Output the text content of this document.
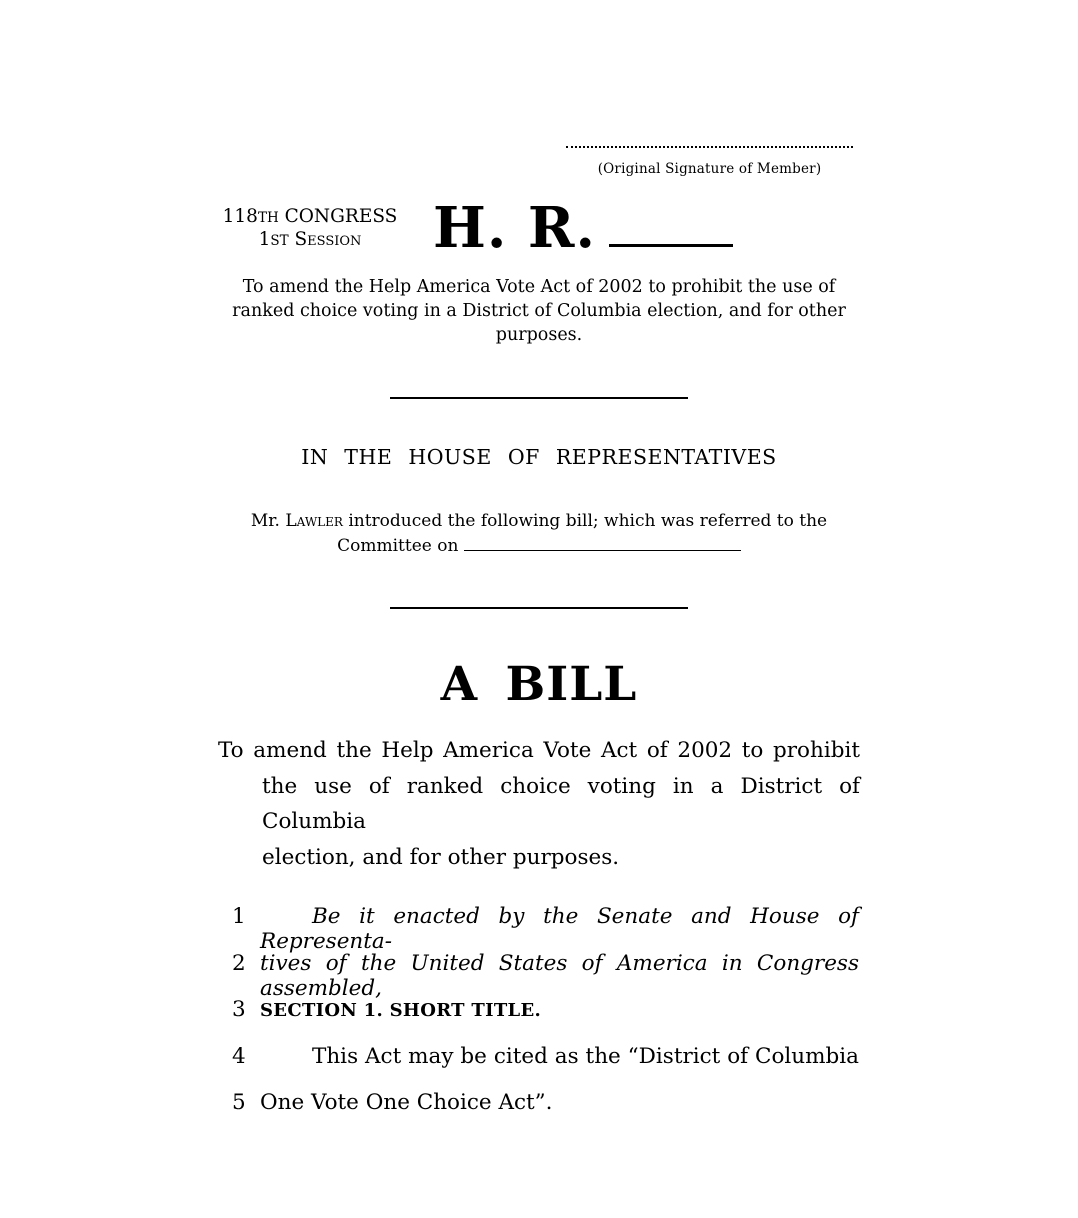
(Original Signature of Member)
118TH CONGRESS
1ST Session	H. R.
To amend the Help America Vote Act of 2002 to prohibit the use of ranked choice voting in a District of Columbia election, and for other purposes.
IN THE HOUSE OF REPRESENTATIVES
Mr. Lawler introduced the following bill; which was referred to the
Committee on
A BILL
To amend the Help America Vote Act of 2002 to prohibit
the use of ranked choice voting in a District of Columbia
election, and for other purposes.
1	Be it enacted by the Senate and House of Representa-
2 tives of the United States of America in Congress assembled,
3 SECTION 1. SHORT TITLE.
4	This Act may be cited as the “District of Columbia
5 One Vote One Choice Act”.
